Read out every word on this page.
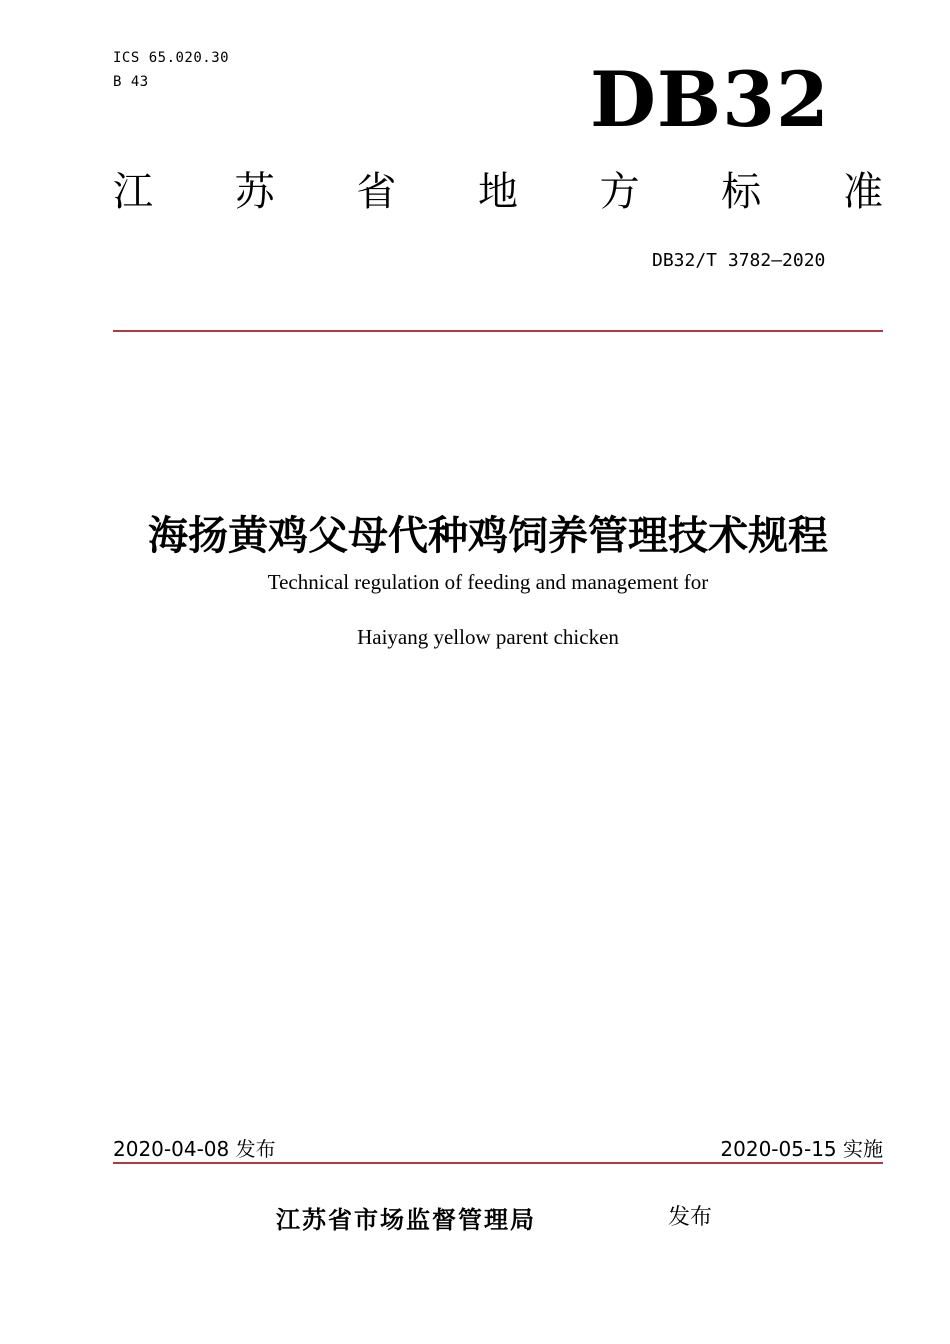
ICS 65.020.30
B 43	DB32
江 苏 省 地 方 标 准
DB32/T 3782—2020
海扬黄鸡父母代种鸡饲养管理技术规程
Technical regulation of feeding and management for
Haiyang yellow parent chicken
2020-04-08 发布	2020-05-15 实施
江苏省市场监督管理局	发布
